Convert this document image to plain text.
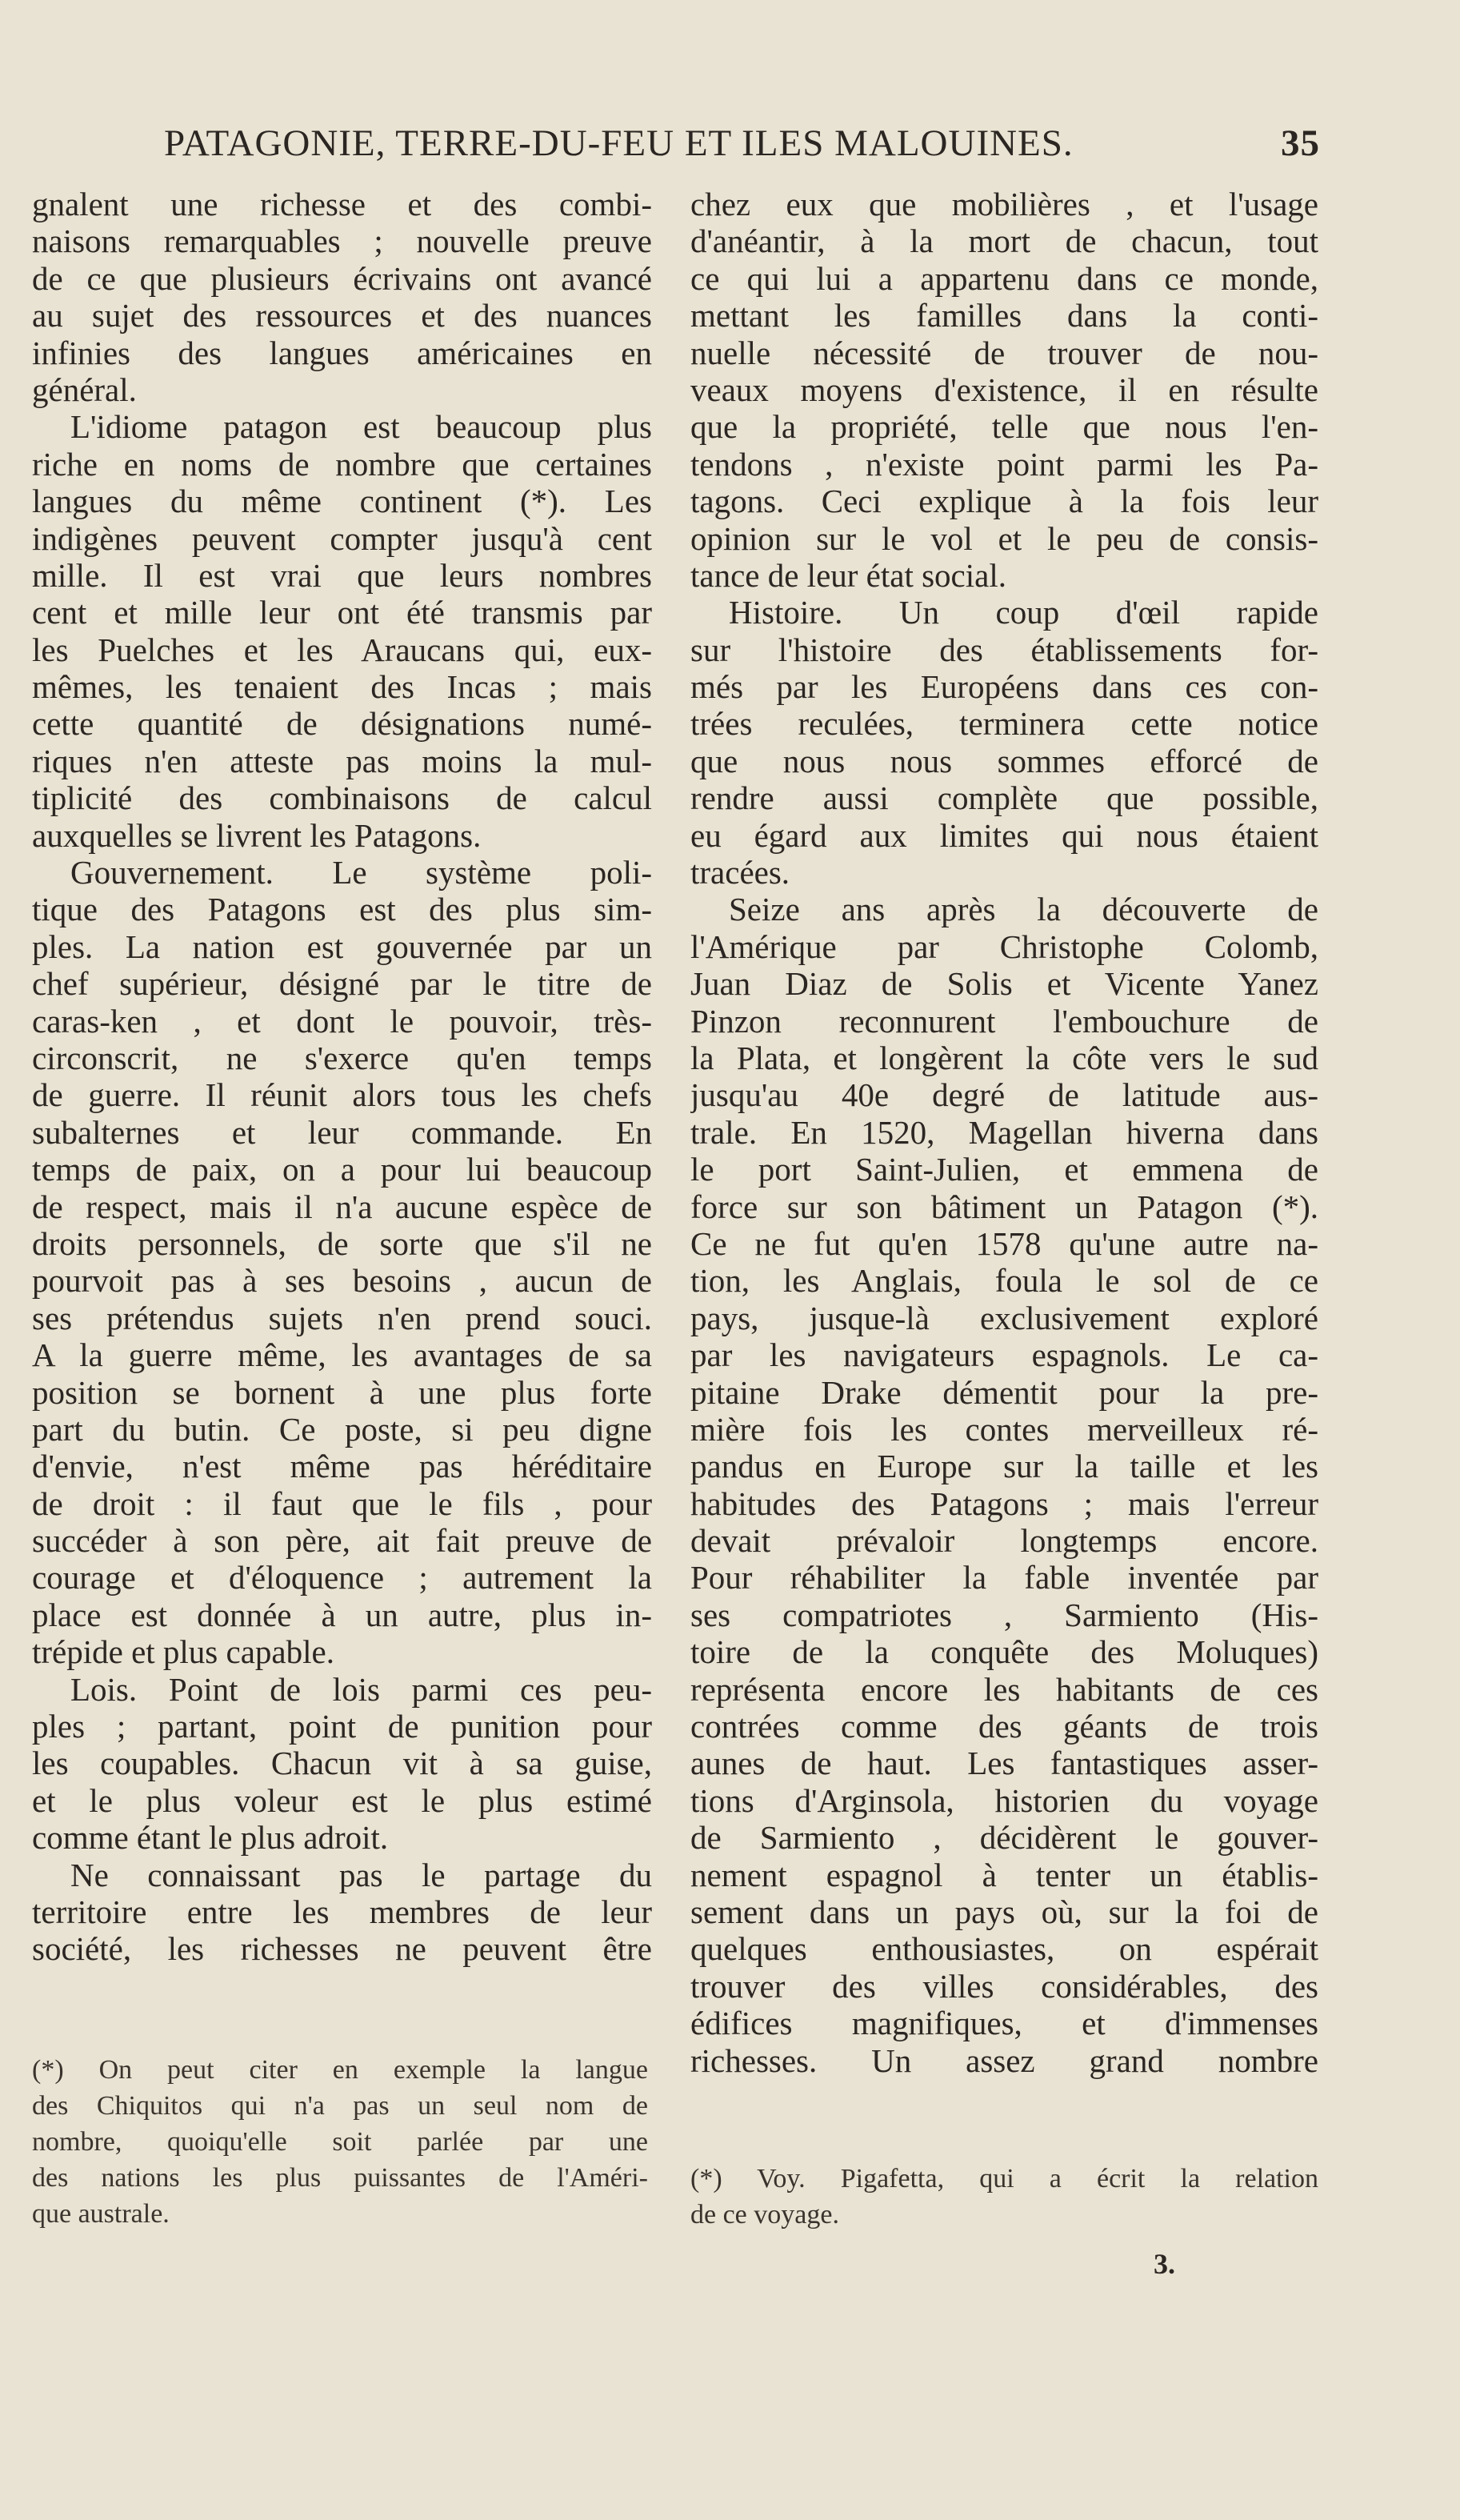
PATAGONIE, TERRE-DU-FEU ET ILES MALOUINES.	35
gnalent une richesse et des combi-
naisons remarquables ; nouvelle preuve
de ce que plusieurs écrivains ont avancé
au sujet des ressources et des nuances
infinies des langues américaines en
général.
L'idiome patagon est beaucoup plus
riche en noms de nombre que certaines
langues du même continent (*). Les
indigènes peuvent compter jusqu'à cent
mille. Il est vrai que leurs nombres
cent et mille leur ont été transmis par
les Puelches et les Araucans qui, eux-
mêmes, les tenaient des Incas ; mais
cette quantité de désignations numé-
riques n'en atteste pas moins la mul-
tiplicité des combinaisons de calcul
auxquelles se livrent les Patagons.
Gouvernement. Le système poli-
tique des Patagons est des plus sim-
ples. La nation est gouvernée par un
chef supérieur, désigné par le titre de
caras-ken , et dont le pouvoir, très-
circonscrit, ne s'exerce qu'en temps
de guerre. Il réunit alors tous les chefs
subalternes et leur commande. En
temps de paix, on a pour lui beaucoup
de respect, mais il n'a aucune espèce de
droits personnels, de sorte que s'il ne
pourvoit pas à ses besoins , aucun de
ses prétendus sujets n'en prend souci.
A la guerre même, les avantages de sa
position se bornent à une plus forte
part du butin. Ce poste, si peu digne
d'envie, n'est même pas héréditaire
de droit : il faut que le fils , pour
succéder à son père, ait fait preuve de
courage et d'éloquence ; autrement la
place est donnée à un autre, plus in-
trépide et plus capable.
Lois. Point de lois parmi ces peu-
ples ; partant, point de punition pour
les coupables. Chacun vit à sa guise,
et le plus voleur est le plus estimé
comme étant le plus adroit.
Ne connaissant pas le partage du
territoire entre les membres de leur
société, les richesses ne peuvent être
chez eux que mobilières , et l'usage
d'anéantir, à la mort de chacun, tout
ce qui lui a appartenu dans ce monde,
mettant les familles dans la conti-
nuelle nécessité de trouver de nou-
veaux moyens d'existence, il en résulte
que la propriété, telle que nous l'en-
tendons , n'existe point parmi les Pa-
tagons. Ceci explique à la fois leur
opinion sur le vol et le peu de consis-
tance de leur état social.
Histoire. Un coup d'œil rapide
sur l'histoire des établissements for-
més par les Européens dans ces con-
trées reculées, terminera cette notice
que nous nous sommes efforcé de
rendre aussi complète que possible,
eu égard aux limites qui nous étaient
tracées.
Seize ans après la découverte de
l'Amérique par Christophe Colomb,
Juan Diaz de Solis et Vicente Yanez
Pinzon reconnurent l'embouchure de
la Plata, et longèrent la côte vers le sud
jusqu'au 40e degré de latitude aus-
trale. En 1520, Magellan hiverna dans
le port Saint-Julien, et emmena de
force sur son bâtiment un Patagon (*).
Ce ne fut qu'en 1578 qu'une autre na-
tion, les Anglais, foula le sol de ce
pays, jusque-là exclusivement exploré
par les navigateurs espagnols. Le ca-
pitaine Drake démentit pour la pre-
mière fois les contes merveilleux ré-
pandus en Europe sur la taille et les
habitudes des Patagons ; mais l'erreur
devait prévaloir longtemps encore.
Pour réhabiliter la fable inventée par
ses compatriotes , Sarmiento (His-
toire de la conquête des Moluques)
représenta encore les habitants de ces
contrées comme des géants de trois
aunes de haut. Les fantastiques asser-
tions d'Arginsola, historien du voyage
de Sarmiento , décidèrent le gouver-
nement espagnol à tenter un établis-
sement dans un pays où, sur la foi de
quelques enthousiastes, on espérait
trouver des villes considérables, des
édifices magnifiques, et d'immenses
richesses. Un assez grand nombre
(*) On peut citer en exemple la langue
des Chiquitos qui n'a pas un seul nom de
nombre, quoiqu'elle soit parlée par une
des nations les plus puissantes de l'Améri-
que australe.
(*) Voy. Pigafetta, qui a écrit la relation
de ce voyage.
3.
